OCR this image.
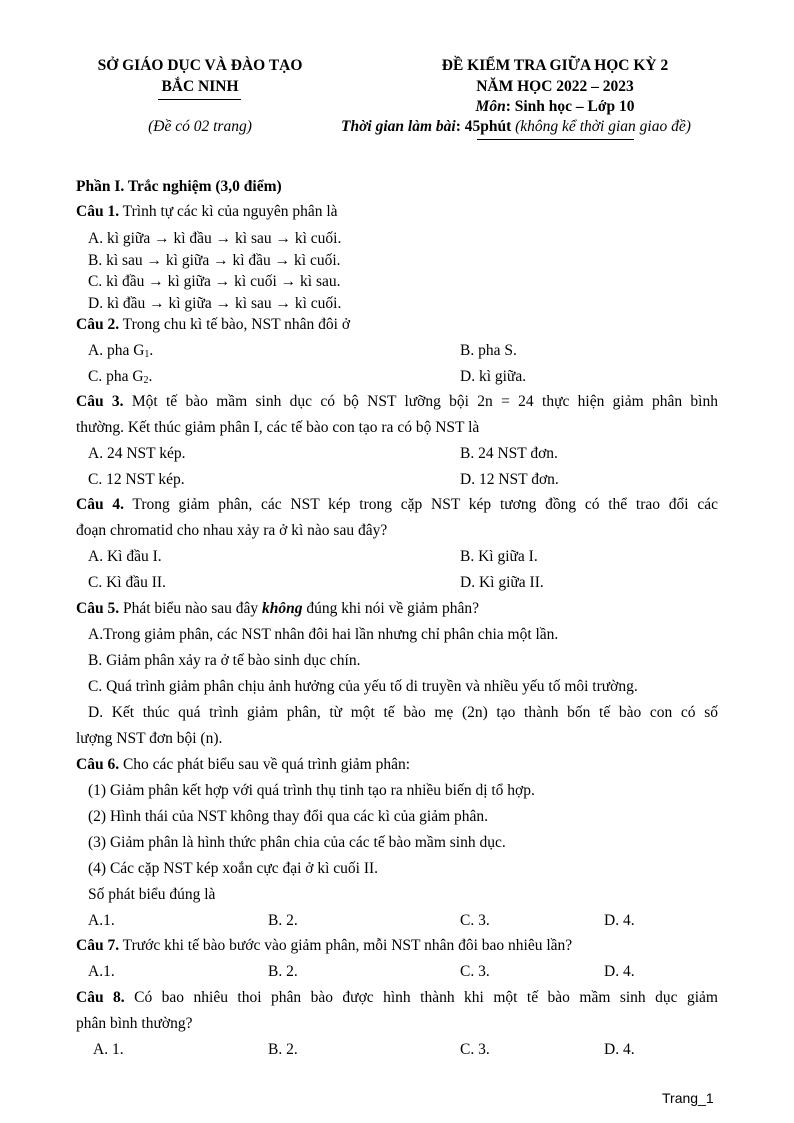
SỞ GIÁO DỤC VÀ ĐÀO TẠO
BẮC NINH
(Đề có 02 trang)
ĐỀ KIỂM TRA GIỮA HỌC KỲ 2
NĂM HỌC 2022 – 2023
Môn: Sinh học – Lớp 10
Thời gian làm bài: 45phút (không kể thời gian giao đề)
Phần I. Trắc nghiệm (3,0 điểm)
Câu 1. Trình tự các kì của nguyên phân là
A. kì giữa → kì đầu → kì sau → kì cuối.
B. kì sau → kì giữa → kì đầu → kì cuối.
C. kì đầu → kì giữa → kì cuối → kì sau.
D. kì đầu → kì giữa → kì sau → kì cuối.
Câu 2. Trong chu kì tế bào, NST nhân đôi ở
A. pha $G_1$.	B. pha S.
C. pha $G_2$.	D. kì giữa.
Câu 3. Một tế bào mầm sinh dục có bộ NST lưỡng bội 2n = 24 thực hiện giảm phân bình
thường. Kết thúc giảm phân I, các tế bào con tạo ra có bộ NST là
A. 24 NST kép.	B. 24 NST đơn.
C. 12 NST kép.	D. 12 NST đơn.
Câu 4. Trong giảm phân, các NST kép trong cặp NST kép tương đồng có thể trao đổi các
đoạn chromatid cho nhau xảy ra ở kì nào sau đây?
A. Kì đầu I.	B. Kì giữa I.
C. Kì đầu II.	D. Kì giữa II.
Câu 5. Phát biểu nào sau đây không đúng khi nói về giảm phân?
A.Trong giảm phân, các NST nhân đôi hai lần nhưng chỉ phân chia một lần.
B. Giảm phân xảy ra ở tế bào sinh dục chín.
C. Quá trình giảm phân chịu ảnh hưởng của yếu tố di truyền và nhiều yếu tố môi trường.
D. Kết thúc quá trình giảm phân, từ một tế bào mẹ (2n) tạo thành bốn tế bào con có số
lượng NST đơn bội (n).
Câu 6. Cho các phát biểu sau về quá trình giảm phân:
(1) Giảm phân kết hợp với quá trình thụ tinh tạo ra nhiều biến dị tổ hợp.
(2) Hình thái của NST không thay đổi qua các kì của giảm phân.
(3) Giảm phân là hình thức phân chia của các tế bào mầm sinh dục.
(4) Các cặp NST kép xoắn cực đại ở kì cuối II.
Số phát biểu đúng là
A.1.	B. 2.	C. 3.	D. 4.
Câu 7. Trước khi tế bào bước vào giảm phân, mỗi NST nhân đôi bao nhiêu lần?
A.1.	B. 2.	C. 3.	D. 4.
Câu 8. Có bao nhiêu thoi phân bào được hình thành khi một tế bào mầm sinh dục giảm
phân bình thường?
A. 1.	B. 2.	C. 3.	D. 4.
Trang_1
